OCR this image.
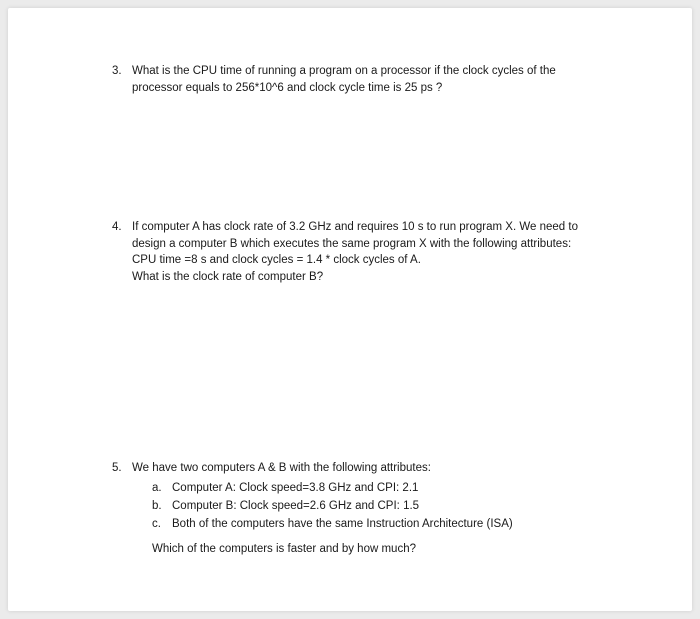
3. What is the CPU time of running a program on a processor if the clock cycles of the
processor equals to 256*10^6 and clock cycle time is 25 ps ?
4. If computer A has clock rate of 3.2 GHz and requires 10 s to run program X. We need to
design a computer B which executes the same program X with the following attributes:
CPU time =8 s and clock cycles = 1.4 * clock cycles of A.
What is the clock rate of computer B?
5. We have two computers A & B with the following attributes:
a. Computer A: Clock speed=3.8 GHz and CPI: 2.1
b. Computer B: Clock speed=2.6 GHz and CPI: 1.5
c. Both of the computers have the same Instruction Architecture (ISA)
Which of the computers is faster and by how much?
